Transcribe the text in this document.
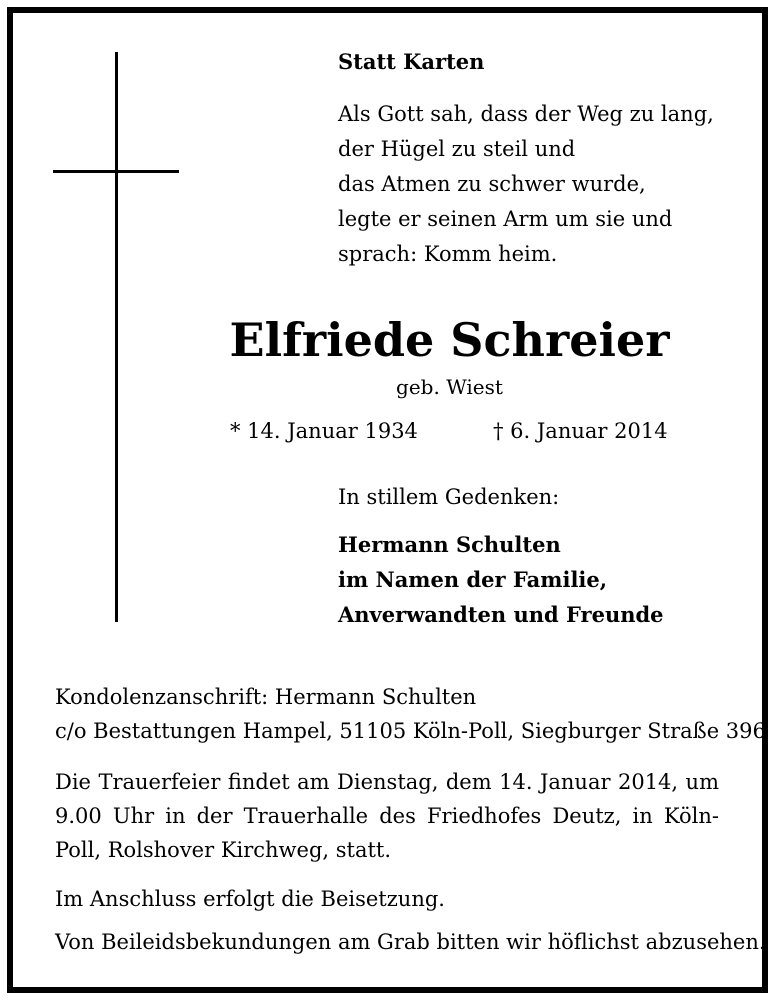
Statt Karten

Als Gott sah, dass der Weg zu lang,
der Hügel zu steil und
das Atmen zu schwer wurde,
legte er seinen Arm um sie und
sprach: Komm heim.

Elfriede Schreier

geb. Wiest

* 14. Januar 1934	† 6. Januar 2014

In stillem Gedenken:

Hermann Schulten
im Namen der Familie,
Anverwandten und Freunde

Kondolenzanschrift: Hermann Schulten

c/o Bestattungen Hampel, 51105 Köln-Poll, Siegburger Straße 396

Die Trauerfeier findet am Dienstag, dem 14. Januar 2014, um 9.00 Uhr in der Trauerhalle des Friedhofes Deutz, in Köln-Poll, Rolshover Kirchweg, statt.

Im Anschluss erfolgt die Beisetzung.

Von Beileidsbekundungen am Grab bitten wir höflichst abzusehen.
